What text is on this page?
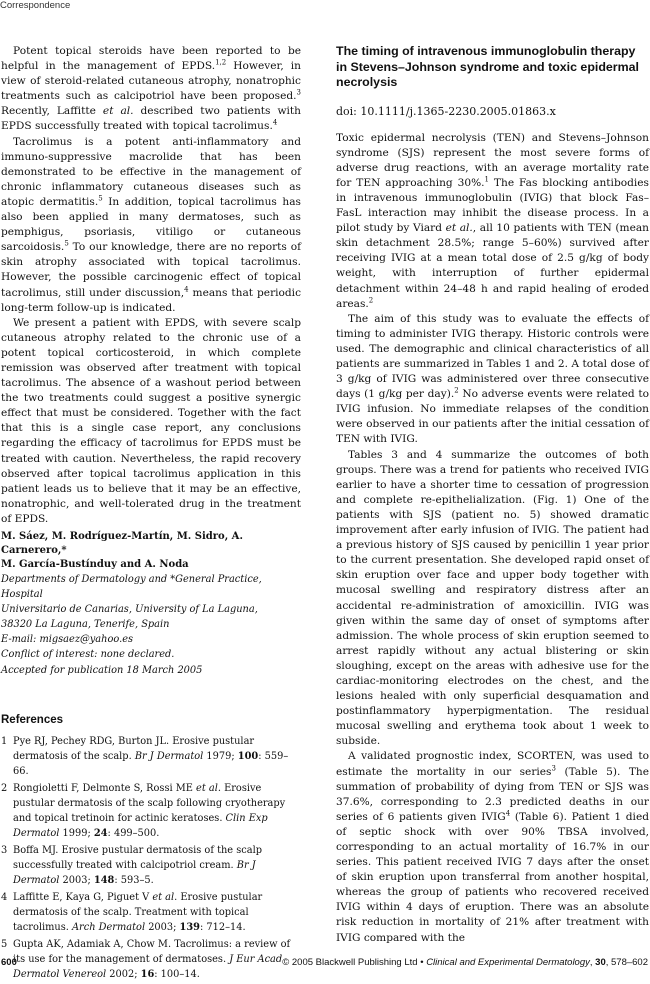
Correspondence

Potent topical steroids have been reported to be helpful in the management of EPDS.$^{1,2}$ However, in view of steroid-related cutaneous atrophy, nonatrophic treatments such as calcipotriol have been proposed.$^3$ Recently, Laffitte et al. described two patients with EPDS successfully treated with topical tacrolimus.$^4$

Tacrolimus is a potent anti-inflammatory and immuno-suppressive macrolide that has been demonstrated to be effective in the management of chronic inflammatory cutaneous diseases such as atopic dermatitis.$^5$ In addition, topical tacrolimus has also been applied in many dermatoses, such as pemphigus, psoriasis, vitiligo or cutaneous sarcoidosis.$^5$ To our knowledge, there are no reports of skin atrophy associated with topical tacrolimus. However, the possible carcinogenic effect of topical tacrolimus, still under discussion,$^4$ means that periodic long-term follow-up is indicated.

We present a patient with EPDS, with severe scalp cutaneous atrophy related to the chronic use of a potent topical corticosteroid, in which complete remission was observed after treatment with topical tacrolimus. The absence of a washout period between the two treatments could suggest a positive synergic effect that must be considered. Together with the fact that this is a single case report, any conclusions regarding the efficacy of tacrolimus for EPDS must be treated with caution. Nevertheless, the rapid recovery observed after topical tacrolimus application in this patient leads us to believe that it may be an effective, nonatrophic, and well-tolerated drug in the treatment of EPDS.

M. Sáez, M. Rodríguez-Martín, M. Sidro, A. Carnerero,*
M. García-Bustínduy and A. Noda
Departments of Dermatology and *General Practice, Hospital
Universitario de Canarias, University of La Laguna,
38320 La Laguna, Tenerife, Spain
E-mail: migsaez@yahoo.es
Conflict of interest: none declared.
Accepted for publication 18 March 2005
References
1 Pye RJ, Pechey RDG, Burton JL. Erosive pustular dermatosis of the scalp. Br J Dermatol 1979; 100: 559–66.
2 Rongioletti F, Delmonte S, Rossi ME et al. Erosive pustular dermatosis of the scalp following cryotherapy and topical tretinoin for actinic keratoses. Clin Exp Dermatol 1999; 24: 499–500.
3 Boffa MJ. Erosive pustular dermatosis of the scalp successfully treated with calcipotriol cream. Br J Dermatol 2003; 148: 593–5.
4 Laffitte E, Kaya G, Piguet V et al. Erosive pustular dermatosis of the scalp. Treatment with topical tacrolimus. Arch Dermatol 2003; 139: 712–14.
5 Gupta AK, Adamiak A, Chow M. Tacrolimus: a review of its use for the management of dermatoses. J Eur Acad Dermatol Venereol 2002; 16: 100–14.
The timing of intravenous immunoglobulin therapy in Stevens–Johnson syndrome and toxic epidermal necrolysis
doi: 10.1111/j.1365-2230.2005.01863.x

Toxic epidermal necrolysis (TEN) and Stevens–Johnson syndrome (SJS) represent the most severe forms of adverse drug reactions, with an average mortality rate for TEN approaching 30%.$^1$ The Fas blocking antibodies in intravenous immunoglobulin (IVIG) that block Fas–FasL interaction may inhibit the disease process. In a pilot study by Viard et al., all 10 patients with TEN (mean skin detachment 28.5%; range 5–60%) survived after receiving IVIG at a mean total dose of 2.5 g/kg of body weight, with interruption of further epidermal detachment within 24–48 h and rapid healing of eroded areas.$^2$

The aim of this study was to evaluate the effects of timing to administer IVIG therapy. Historic controls were used. The demographic and clinical characteristics of all patients are summarized in Tables 1 and 2. A total dose of 3 g/kg of IVIG was administered over three consecutive days (1 g/kg per day).$^2$ No adverse events were related to IVIG infusion. No immediate relapses of the condition were observed in our patients after the initial cessation of TEN with IVIG.

Tables 3 and 4 summarize the outcomes of both groups. There was a trend for patients who received IVIG earlier to have a shorter time to cessation of progression and complete re-epithelialization. (Fig. 1) One of the patients with SJS (patient no. 5) showed dramatic improvement after early infusion of IVIG. The patient had a previous history of SJS caused by penicillin 1 year prior to the current presentation. She developed rapid onset of skin eruption over face and upper body together with mucosal swelling and respiratory distress after an accidental re-administration of amoxicillin. IVIG was given within the same day of onset of symptoms after admission. The whole process of skin eruption seemed to arrest rapidly without any actual blistering or skin sloughing, except on the areas with adhesive use for the cardiac-monitoring electrodes on the chest, and the lesions healed with only superficial desquamation and postinflammatory hyperpigmentation. The residual mucosal swelling and erythema took about 1 week to subside.

A validated prognostic index, SCORTEN, was used to estimate the mortality in our series$^3$ (Table 5). The summation of probability of dying from TEN or SJS was 37.6%, corresponding to 2.3 predicted deaths in our series of 6 patients given IVIG$^4$ (Table 6). Patient 1 died of septic shock with over 90% TBSA involved, corresponding to an actual mortality of 16.7% in our series. This patient received IVIG 7 days after the onset of skin eruption upon transferral from another hospital, whereas the group of patients who recovered received IVIG within 4 days of eruption. There was an absolute risk reduction in mortality of 21% after treatment with IVIG compared with the

600	© 2005 Blackwell Publishing Ltd • Clinical and Experimental Dermatology, 30, 578–602
